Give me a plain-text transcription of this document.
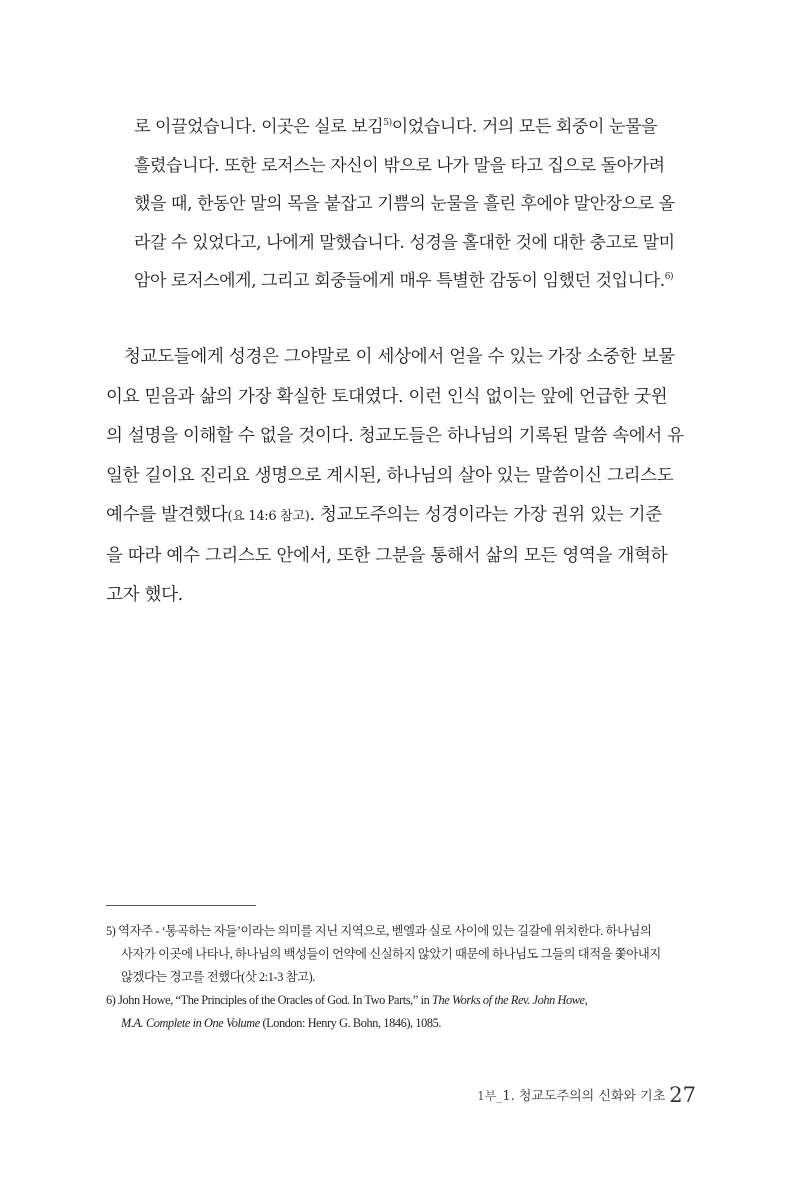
로 이끌었습니다. 이곳은 실로 보김$^{5)}$이었습니다. 거의 모든 회중이 눈물을
흘렸습니다. 또한 로저스는 자신이 밖으로 나가 말을 타고 집으로 돌아가려
했을 때, 한동안 말의 목을 붙잡고 기쁨의 눈물을 흘린 후에야 말안장으로 올
라갈 수 있었다고, 나에게 말했습니다. 성경을 홀대한 것에 대한 충고로 말미
암아 로저스에게, 그리고 회중들에게 매우 특별한 감동이 임했던 것입니다.$^{6)}$
청교도들에게 성경은 그야말로 이 세상에서 얻을 수 있는 가장 소중한 보물
이요 믿음과 삶의 가장 확실한 토대였다. 이런 인식 없이는 앞에 언급한 굿윈
의 설명을 이해할 수 없을 것이다. 청교도들은 하나님의 기록된 말씀 속에서 유
일한 길이요 진리요 생명으로 계시된, 하나님의 살아 있는 말씀이신 그리스도
예수를 발견했다(요 14:6 참고). 청교도주의는 성경이라는 가장 권위 있는 기준
을 따라 예수 그리스도 안에서, 또한 그분을 통해서 삶의 모든 영역을 개혁하
고자 했다.
5) 역자주 - ‘통곡하는 자들’이라는 의미를 지닌 지역으로, 벧엘과 실로 사이에 있는 길갈에 위치한다. 하나님의
사자가 이곳에 나타나, 하나님의 백성들이 언약에 신실하지 않았기 때문에 하나님도 그들의 대적을 쫓아내지
않겠다는 경고를 전했다(삿 2:1-3 참고).
6) John Howe, “The Principles of the Oracles of God. In Two Parts,” in The Works of the Rev. John Howe,
M.A. Complete in One Volume (London: Henry G. Bohn, 1846), 1085.
1부_1. 청교도주의의 신화와 기초 27
